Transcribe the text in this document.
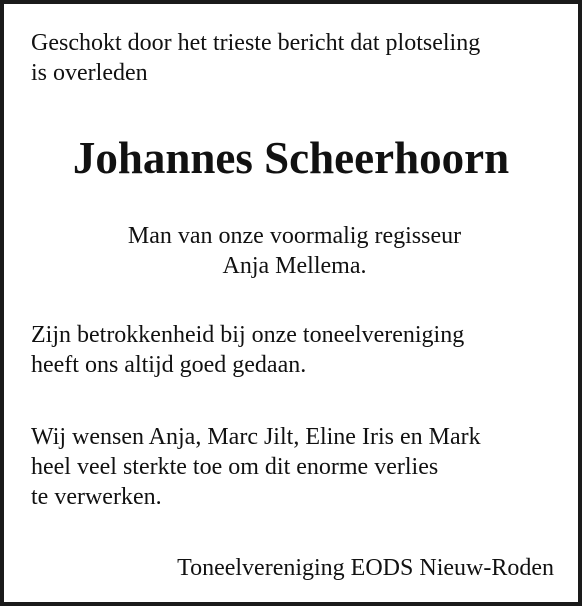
Geschokt door het trieste bericht dat plotseling
is overleden

Johannes Scheerhoorn

Man van onze voormalig regisseur
Anja Mellema.

Zijn betrokkenheid bij onze toneelvereniging
heeft ons altijd goed gedaan.

Wij wensen Anja, Marc Jilt, Eline Iris en Mark
heel veel sterkte toe om dit enorme verlies
te verwerken.

Toneelvereniging EODS Nieuw-Roden
